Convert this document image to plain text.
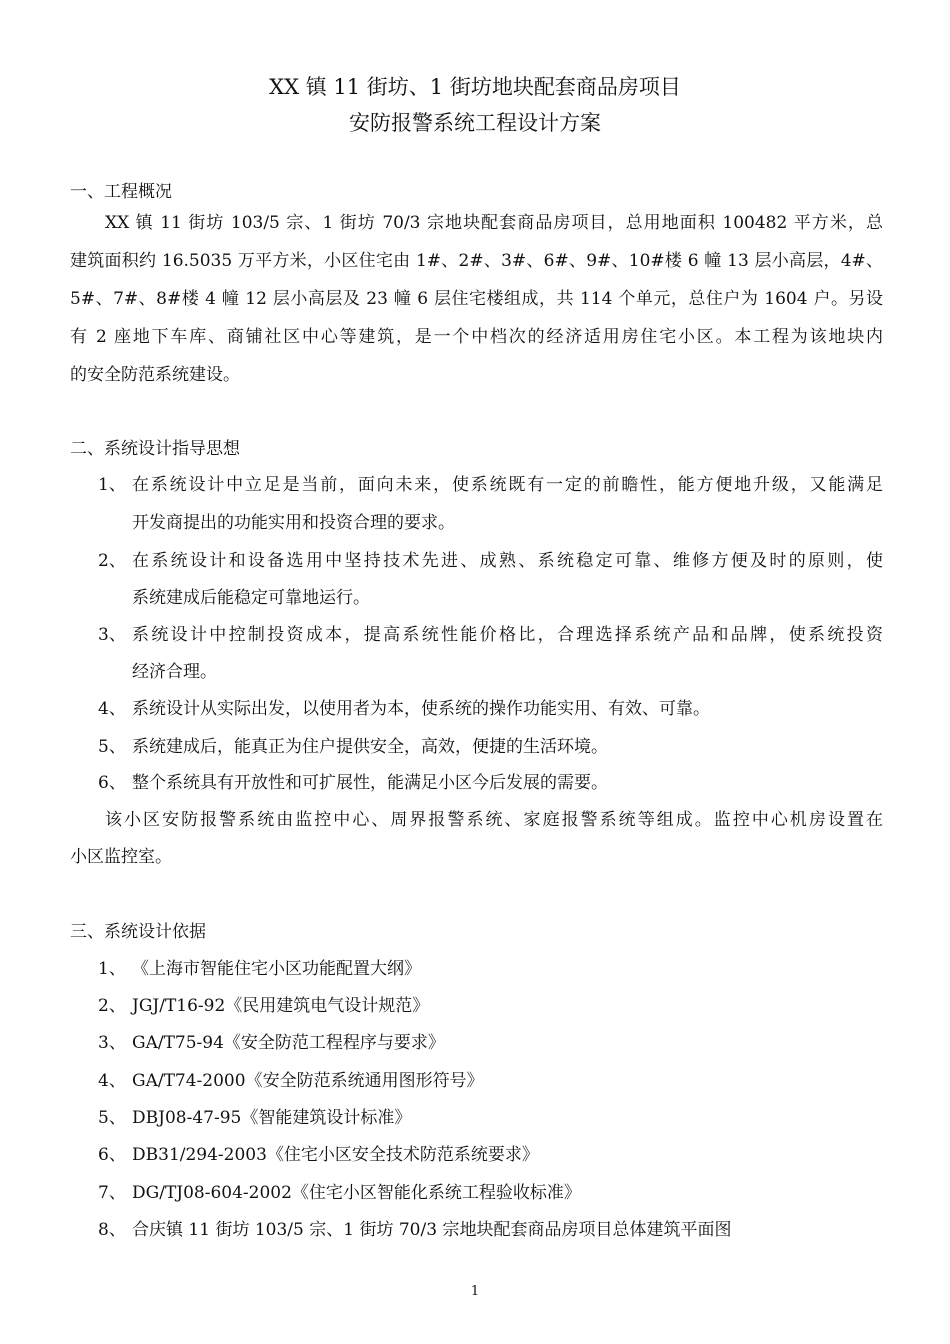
XX 镇 11 街坊、1 街坊地块配套商品房项目
安防报警系统工程设计方案
一、工程概况
XX 镇 11 街坊 103/5 宗、1 街坊 70/3 宗地块配套商品房项目，总用地面积 100482 平方米，总
建筑面积约 16.5035 万平方米，小区住宅由 1#、2#、3#、6#、9#、10#楼 6 幢 13 层小高层，4#、
5#、7#、8#楼 4 幢 12 层小高层及 23 幢 6 层住宅楼组成，共 114 个单元，总住户为 1604 户。另设
有 2 座地下车库、商铺社区中心等建筑，是一个中档次的经济适用房住宅小区。本工程为该地块内
的安全防范系统建设。
二、系统设计指导思想
1、 在系统设计中立足是当前，面向未来，使系统既有一定的前瞻性，能方便地升级，又能满足
开发商提出的功能实用和投资合理的要求。
2、 在系统设计和设备选用中坚持技术先进、成熟、系统稳定可靠、维修方便及时的原则，使
系统建成后能稳定可靠地运行。
3、 系统设计中控制投资成本，提高系统性能价格比，合理选择系统产品和品牌，使系统投资
经济合理。
4、 系统设计从实际出发，以使用者为本，使系统的操作功能实用、有效、可靠。
5、 系统建成后，能真正为住户提供安全，高效，便捷的生活环境。
6、 整个系统具有开放性和可扩展性，能满足小区今后发展的需要。
该小区安防报警系统由监控中心、周界报警系统、家庭报警系统等组成。监控中心机房设置在
小区监控室。
三、系统设计依据
1、 《上海市智能住宅小区功能配置大纲》
2、 JGJ/T16-92《民用建筑电气设计规范》
3、 GA/T75-94《安全防范工程程序与要求》
4、 GA/T74-2000《安全防范系统通用图形符号》
5、 DBJ08-47-95《智能建筑设计标准》
6、 DB31/294-2003《住宅小区安全技术防范系统要求》
7、 DG/TJ08-604-2002《住宅小区智能化系统工程验收标准》
8、 合庆镇 11 街坊 103/5 宗、1 街坊 70/3 宗地块配套商品房项目总体建筑平面图
1
